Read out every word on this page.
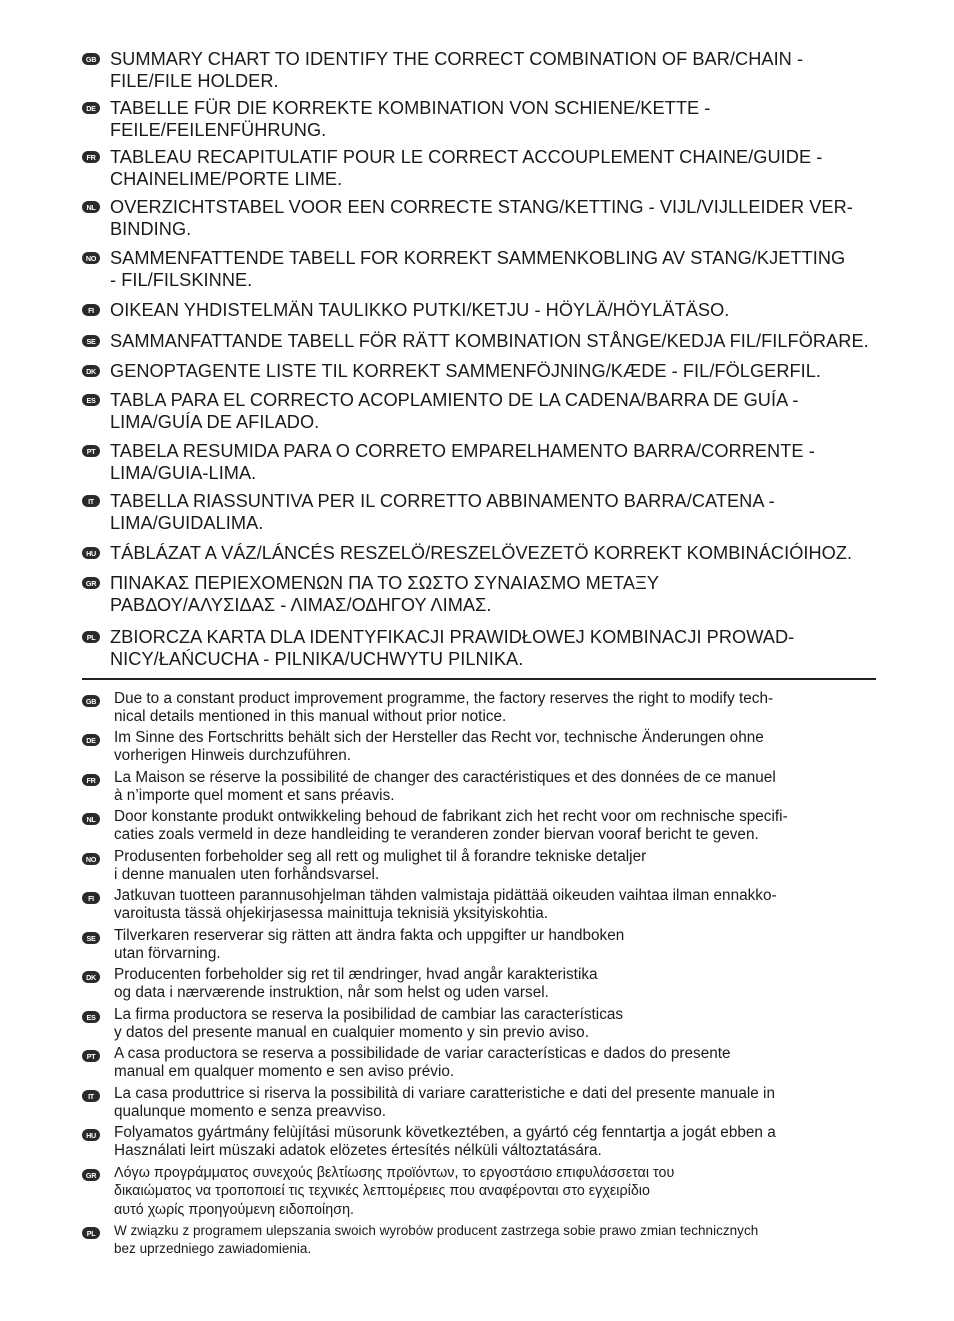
GB SUMMARY CHART TO IDENTIFY THE CORRECT COMBINATION OF BAR/CHAIN -
FILE/FILE HOLDER.
DE TABELLE FÜR DIE KORREKTE KOMBINATION VON SCHIENE/KETTE -
FEILE/FEILENFÜHRUNG.
FR TABLEAU RECAPITULATIF POUR LE CORRECT ACCOUPLEMENT CHAINE/GUIDE -
CHAINELIME/PORTE LIME.
NL OVERZICHTSTABEL VOOR EEN CORRECTE STANG/KETTING - VIJL/VIJLLEIDER VER-
BINDING.
NO SAMMENFATTENDE TABELL FOR KORREKT SAMMENKOBLING AV STANG/KJETTING
- FIL/FILSKINNE.
FI OIKEAN YHDISTELMÄN TAULIKKO PUTKI/KETJU - HÖYLÄ/HÖYLÄTÄSO.
SE SAMMANFATTANDE TABELL FÖR RÄTT KOMBINATION STÅNGE/KEDJA FIL/FILFÖRARE.
DK GENOPTAGENTE LISTE TIL KORREKT SAMMENFÖJNING/KÆDE - FIL/FÖLGERFIL.
ES TABLA PARA EL CORRECTO ACOPLAMIENTO DE LA CADENA/BARRA DE GUÍA -
LIMA/GUÍA DE AFILADO.
PT TABELA RESUMIDA PARA O CORRETO EMPARELHAMENTO BARRA/CORRENTE -
LIMA/GUIA-LIMA.
IT TABELLA RIASSUNTIVA PER IL CORRETTO ABBINAMENTO BARRA/CATENA -
LIMA/GUIDALIMA.
HU TÁBLÁZAT A VÁZ/LÁNCÉS RESZELÖ/RESZELÖVEZETÖ KORREKT KOMBINÁCIÓIHOZ.
GR ΠΙΝΑΚΑΣ ΠΕΡΙΕΧΟΜΕΝΩΝ ΠΑ ΤΟ ΣΩΣΤΟ ΣΥΝΑΙΑΣΜΟ ΜΕΤΑΞΥ
ΡΑΒΔΟΥ/ΑΛΥΣΙΔΑΣ - ΛΙΜΑΣ/ΟΔΗΓΟΥ ΛΙΜΑΣ.
PL ZBIORCZA KARTA DLA IDENTYFIKACJI PRAWIDŁOWEJ KOMBINACJI PROWAD-
NICY/ŁAŃCUCHA - PILNIKA/UCHWYTU PILNIKA.
GB Due to a constant product improvement programme, the factory reserves the right to modify tech-
nical details mentioned in this manual without prior notice.
DE Im Sinne des Fortschritts behält sich der Hersteller das Recht vor, technische Änderungen ohne
vorherigen Hinweis durchzuführen.
FR La Maison se réserve la possibilité de changer des caractéristiques et des données de ce manuel
à n’importe quel moment et sans préavis.
NL Door konstante produkt ontwikkeling behoud de fabrikant zich het recht voor om rechnische specifi-
caties zoals vermeld in deze handleiding te veranderen zonder biervan vooraf bericht te geven.
NO Produsenten forbeholder seg all rett og mulighet til å forandre tekniske detaljer
i denne manualen uten forhåndsvarsel.
FI	Jatkuvan tuotteen parannusohjelman tähden valmistaja pidättää oikeuden vaihtaa ilman ennakko-
varoitusta tässä ohjekirjasessa mainittuja teknisiä yksityiskohtia.
SE Tilverkaren reserverar sig rätten att ändra fakta och uppgifter ur handboken
utan förvarning.
DK Producenten forbeholder sig ret til ændringer, hvad angår karakteristika
og data i nærværende instruktion, når som helst og uden varsel.
ES La firma productora se reserva la posibilidad de cambiar las características
y datos del presente manual en cualquier momento y sin previo aviso.
PT	A casa productora se reserva a possibilidade de variar características e dados do presente
manual em qualquer momento e sen aviso prévio.
IT	La casa produttrice si riserva la possibilità di variare caratteristiche e dati del presente manuale in
qualunque momento e senza preavviso.
HU Folyamatos gyártmány felùjítási müsorunk következtében, a gyártó cég fenntartja a jogát ebben a
Használati leirt müszaki adatok elözetes értesítés nélküli változtatására.
GR Λόγω προγράμματος συνεχούς βελτίωσης προϊόντων, το εργοστάσιο επιφυλάσσεται του
δικαιώματος να τροποποιεί τις τεχνικές λεπτομέρειες που αναφέρονται στο εγχειρίδιο
αυτό χωρίς προηγούμενη ειδοποίηση.
PL	W związku z programem ulepszania swoich wyrobów producent zastrzega sobie prawo zmian technicznych
bez uprzedniego zawiadomienia.
